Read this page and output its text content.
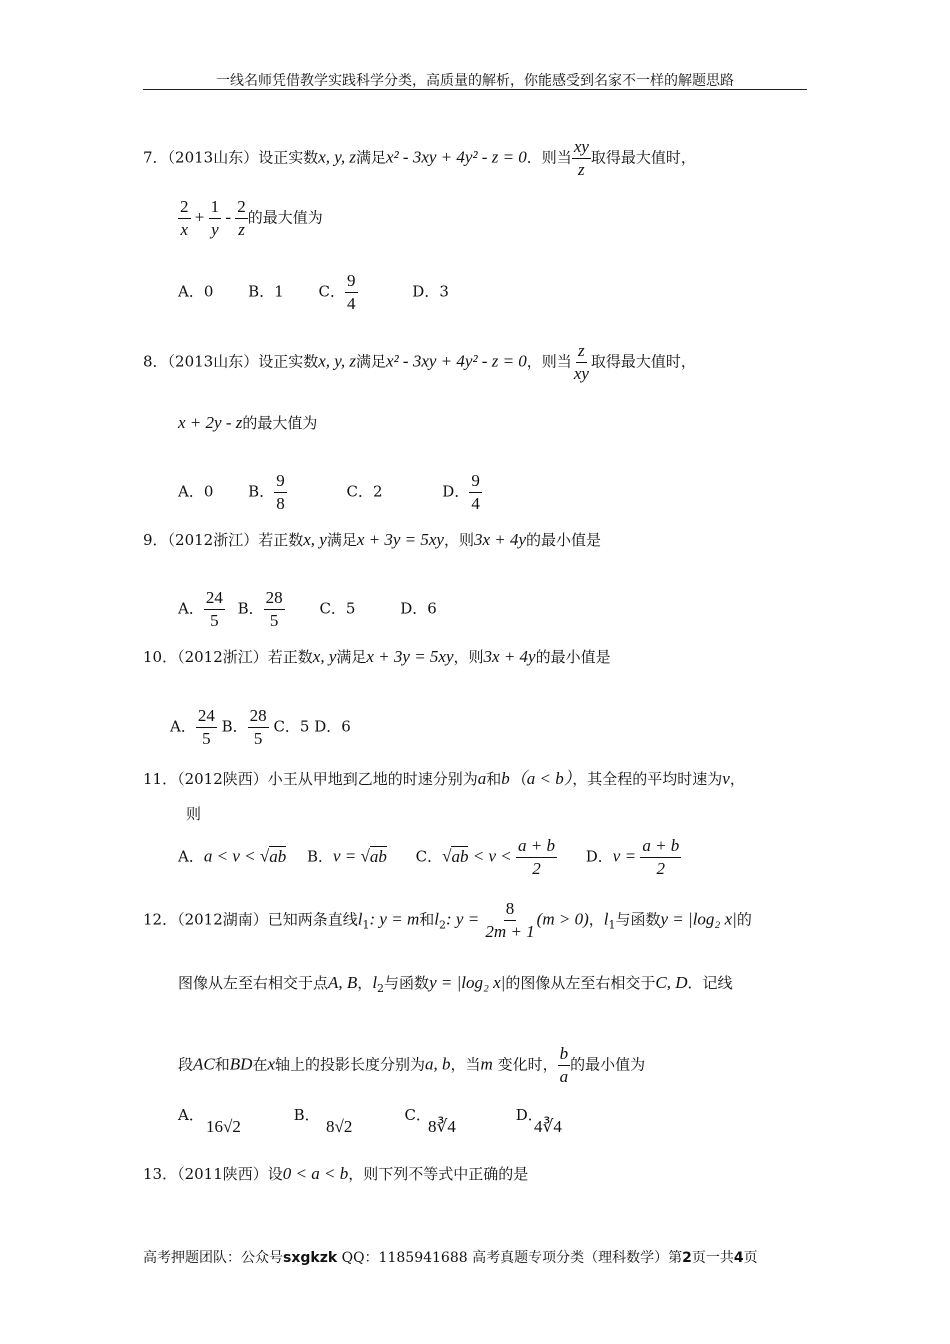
一线名师凭借教学实践科学分类，高质量的解析，你能感受到名家不一样的解题思路
7．（2013山东）设正实数x, y, z满足x² - 3xy + 4y² - z = 0．则当 $\frac{xy}{z}$ 取得最大值时，
$\frac{2}{x} + \frac{1}{y} - \frac{2}{z}$ 的最大值为
A．0 B．1 C． $\frac{9}{4}$	D．3
8．（2013山东）设正实数x, y, z满足x² - 3xy + 4y² - z = 0，则当 $\frac{z}{xy}$ 取得最大值时，
x + 2y - z的最大值为
A．0 B． $\frac{9}{8}$	C．2	D． $\frac{9}{4}$
9．（2012浙江）若正数x, y满足x + 3y = 5xy，则3x + 4y的最小值是
A． $\frac{24}{5}$ B． $\frac{28}{5}$ C．5	D．6
10．（2012浙江）若正数x, y满足x + 3y = 5xy，则3x + 4y的最小值是
A． $\frac{24}{5}$ B． $\frac{28}{5}$ C．5 D．6
11．（2012陕西）小王从甲地到乙地的时速分别为a和b（a < b），其全程的平均时速为v，
则
A．a < v < √ab B．v = √ab C．$√ab < v < \frac{a + b}{2}$ D．$v = \frac{a + b}{2}$
12．（2012湖南）已知两条直线$l_1$: y = m和$l_2$: $y = \frac{8}{2m + 1} (m > 0)$，$l_1$与函数y = |log₂ x|的
图像从左至右相交于点A, B，$l_2$与函数y = |log₂ x|的图像从左至右相交于C, D．记线
段AC和BD在x轴上的投影长度分别为a, b，当m 变化时， $\frac{b}{a}$ 的最小值为
A．	B．	C．	D．
16√2	8√2	8∛4	4∛4
13．（2011陕西）设0 < a < b，则下列不等式中正确的是
高考押题团队：公众号sxgkzk QQ：1185941688 高考真题专项分类（理科数学）第2页一共4页
